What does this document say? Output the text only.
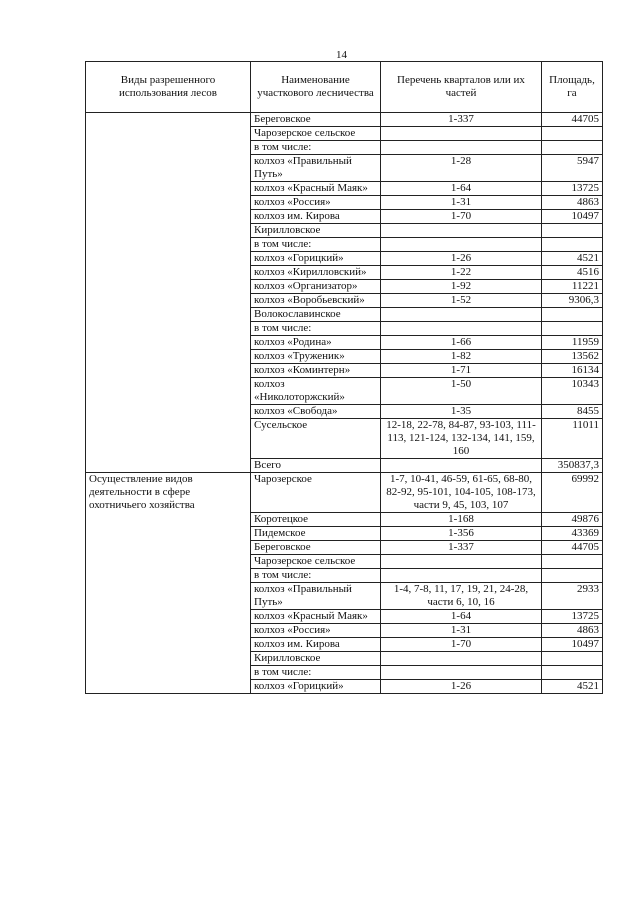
14
Виды разрешенного использования лесов	Наименование участкового лесничества	Перечень кварталов или их частей	Площадь, га
	Береговское	1-337	44705
	Чарозерское сельское		
	в том числе:		
	колхоз «Правильный Путь»	1-28	5947
	колхоз «Красный Маяк»	1-64	13725
	колхоз «Россия»	1-31	4863
	колхоз им. Кирова	1-70	10497
	Кирилловское		
	в том числе:		
	колхоз «Горицкий»	1-26	4521
	колхоз «Кирилловский»	1-22	4516
	колхоз «Организатор»	1-92	11221
	колхоз «Воробьевский»	1-52	9306,3
	Волокославинское		
	в том числе:		
	колхоз «Родина»	1-66	11959
	колхоз «Труженик»	1-82	13562
	колхоз «Коминтерн»	1-71	16134
	колхоз «Николоторжский»	1-50	10343
	колхоз «Свобода»	1-35	8455
	Сусельское	12-18, 22-78, 84-87, 93-103, 111-113, 121-124, 132-134, 141, 159, 160	11011
	Всего		350837,3
Осуществление видов деятельности в сфере охотничьего хозяйства	Чарозерское	1-7, 10-41, 46-59, 61-65, 68-80, 82-92, 95-101, 104-105, 108-173, части 9, 45, 103, 107	69992
	Коротецкое	1-168	49876
	Пидемское	1-356	43369
	Береговское	1-337	44705
	Чарозерское сельское		
	в том числе:		
	колхоз «Правильный Путь»	1-4, 7-8, 11, 17, 19, 21, 24-28, части 6, 10, 16	2933
	колхоз «Красный Маяк»	1-64	13725
	колхоз «Россия»	1-31	4863
	колхоз им. Кирова	1-70	10497
	Кирилловское		
	в том числе:		
	колхоз «Горицкий»	1-26	4521
